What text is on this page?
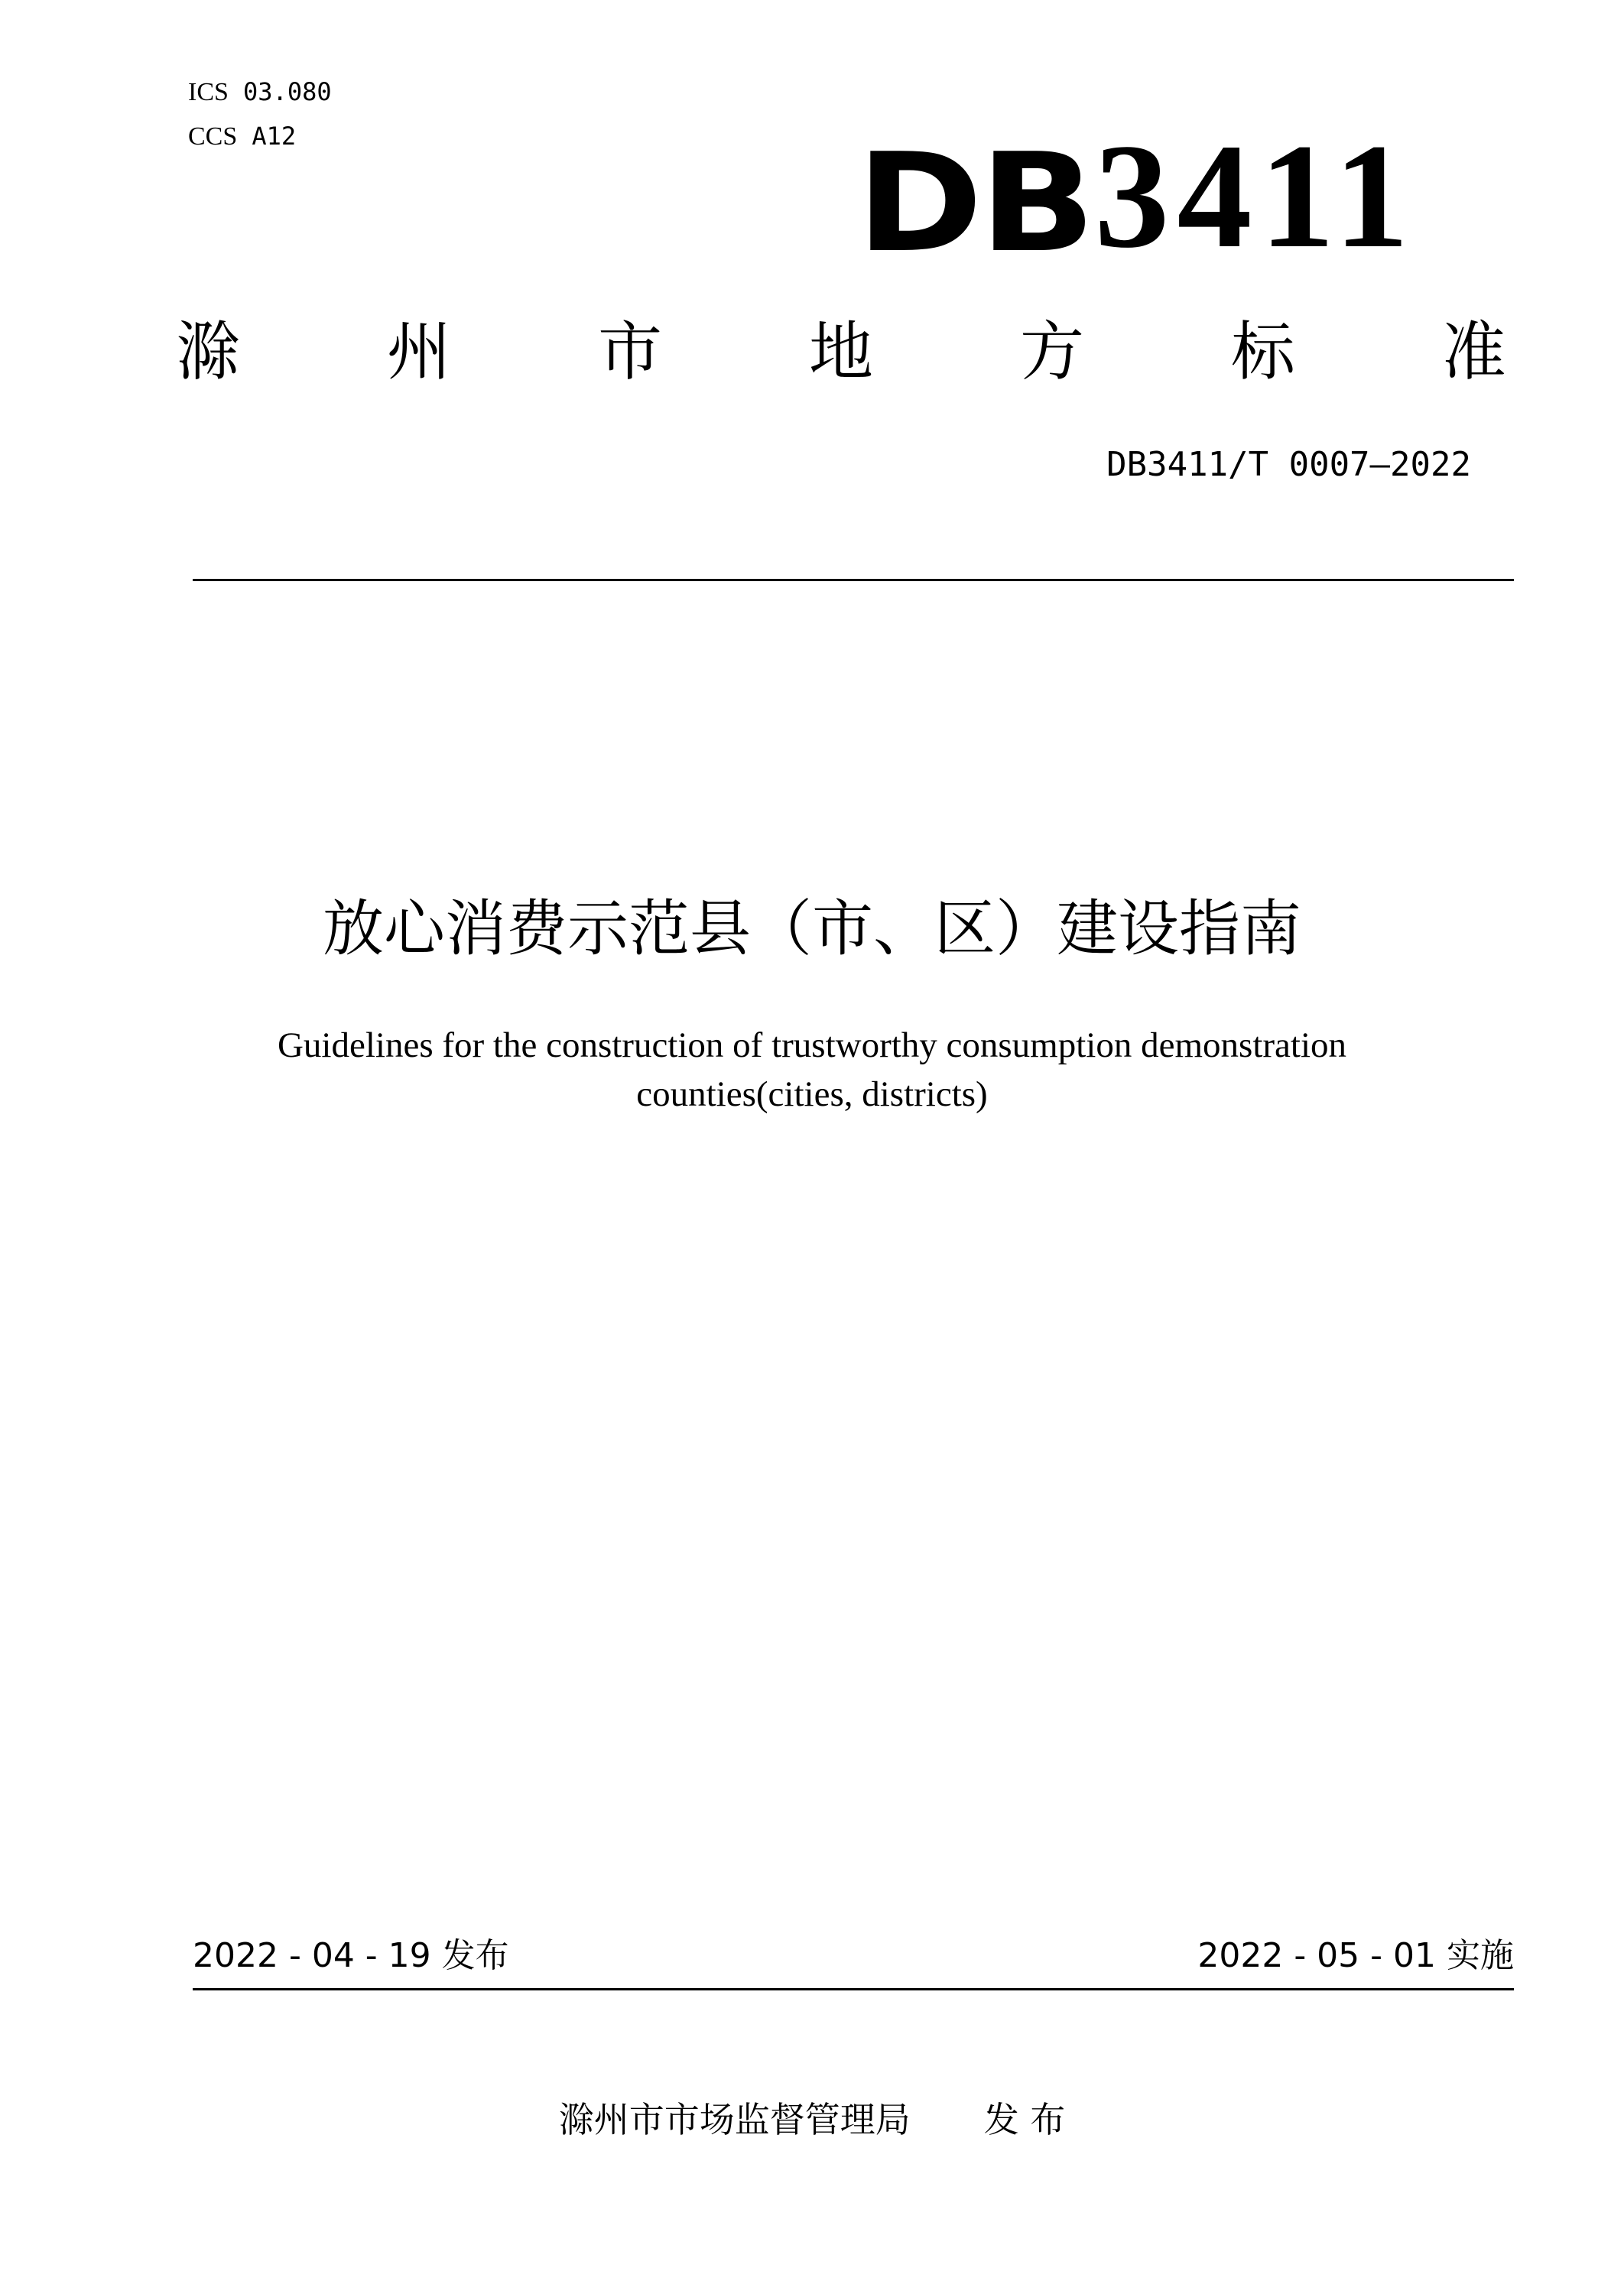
ICS 03.080
CCS A12	DB 3411
滁 州 市 地 方 标 准
DB3411/T 0007—2022
放心消费示范县（市、区）建设指南
Guidelines for the construction of trustworthy consumption demonstration
counties(cities, districts)
2022 - 04 - 19 发布	2022 - 05 - 01 实施
滁州市市场监督管理局 发 布
